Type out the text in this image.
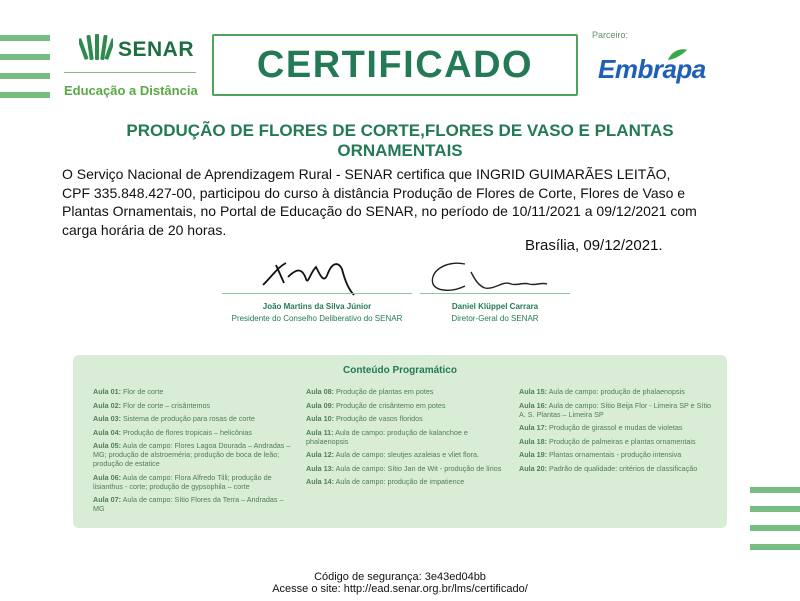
SENAR
Educação a Distância
CERTIFICADO
Parceiro:
Embrapa
PRODUÇÃO DE FLORES DE CORTE,FLORES DE VASO E PLANTAS ORNAMENTAIS
O Serviço Nacional de Aprendizagem Rural - SENAR certifica que INGRID GUIMARÃES LEITÃO, CPF 335.848.427-00, participou do curso à distância Produção de Flores de Corte, Flores de Vaso e Plantas Ornamentais, no Portal de Educação do SENAR, no período de 10/11/2021 a 09/12/2021 com carga horária de 20 horas.
Brasília, 09/12/2021.
João Martins da Silva Júnior
Presidente do Conselho Deliberativo do SENAR
Daniel Klüppel Carrara
Diretor-Geral do SENAR
Conteúdo Programático
Aula 01: Flor de corte
Aula 02: Flor de corte – crisântemos
Aula 03: Sistema de produção para rosas de corte
Aula 04: Produção de flores tropicais – helicônias
Aula 05: Aula de campo: Flores Lagoa Dourada – Andradas – MG; produção de alstroeméria; produção de boca de leão; produção de estatice
Aula 06: Aula de campo: Flora Alfredo Tilli; produção de lisianthus - corte; produção de gypsophila – corte
Aula 07: Aula de campo: Sítio Flores da Terra – Andradas – MG
Aula 08: Produção de plantas em potes
Aula 09: Produção de crisântemo em potes
Aula 10: Produção de vasos floridos
Aula 11: Aula de campo: produção de kalanchoe e phalaenopsis
Aula 12: Aula de campo: sleutjes azaleias e vliet flora.
Aula 13: Aula de campo: Sítio Jan de Wit - produção de lírios
Aula 14: Aula de campo: produção de impatience
Aula 15: Aula de campo: produção de phalaenopsis
Aula 16: Aula de campo: Sítio Beija Flor - Limeira SP e Sítio A. S. Plantas – Limeira SP
Aula 17: Produção de girassol e mudas de violetas
Aula 18: Produção de palmeiras e plantas ornamentais
Aula 19: Plantas ornamentais - produção intensiva
Aula 20: Padrão de qualidade: critérios de classificação
Código de segurança: 3e43ed04bb
Acesse o site: http://ead.senar.org.br/lms/certificado/
